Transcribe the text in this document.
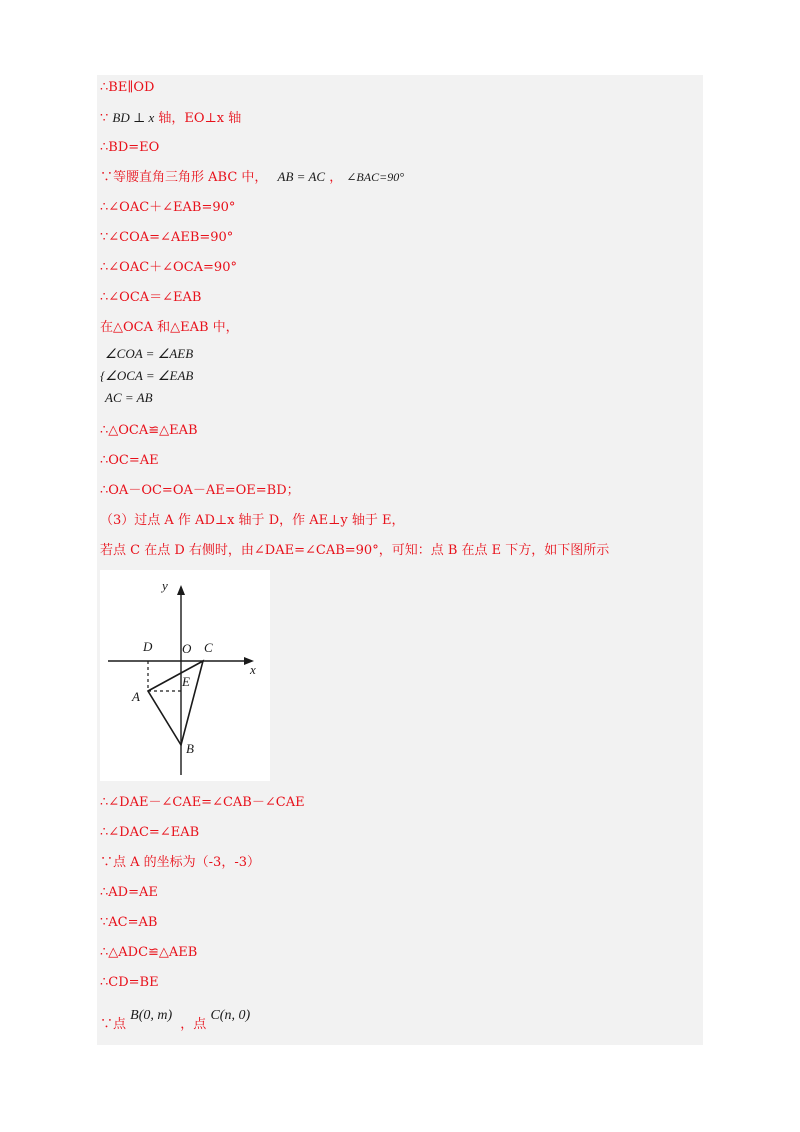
∴BE∥OD
∵ BD ⊥ x 轴，EO⊥x 轴
∴BD=EO
∵等腰直角三角形 ABC 中， AB = AC ， ∠BAC=90°
∴∠OAC＋∠EAB=90°
∵∠COA=∠AEB=90°
∴∠OAC＋∠OCA=90°
∴∠OCA＝∠EAB
在△OCA 和△EAB 中，
∠COA = ∠AEB
{∠OCA = ∠EAB
AC = AB
∴△OCA≌△EAB
∴OC=AE
∴OA－OC=OA－AE=OE=BD；
（3）过点 A 作 AD⊥x 轴于 D，作 AE⊥y 轴于 E，
若点 C 在点 D 右侧时，由∠DAE=∠CAB=90°，可知：点 B 在点 E 下方，如下图所示
y
x
D O C
E
A
B
∴∠DAE－∠CAE=∠CAB－∠CAE
∴∠DAC=∠EAB
∵点 A 的坐标为（-3，-3）
∴AD=AE
∵AC=AB
∴△ADC≌△AEB
∴CD=BE
∵点 B(0, m) ，点 C(n, 0)
